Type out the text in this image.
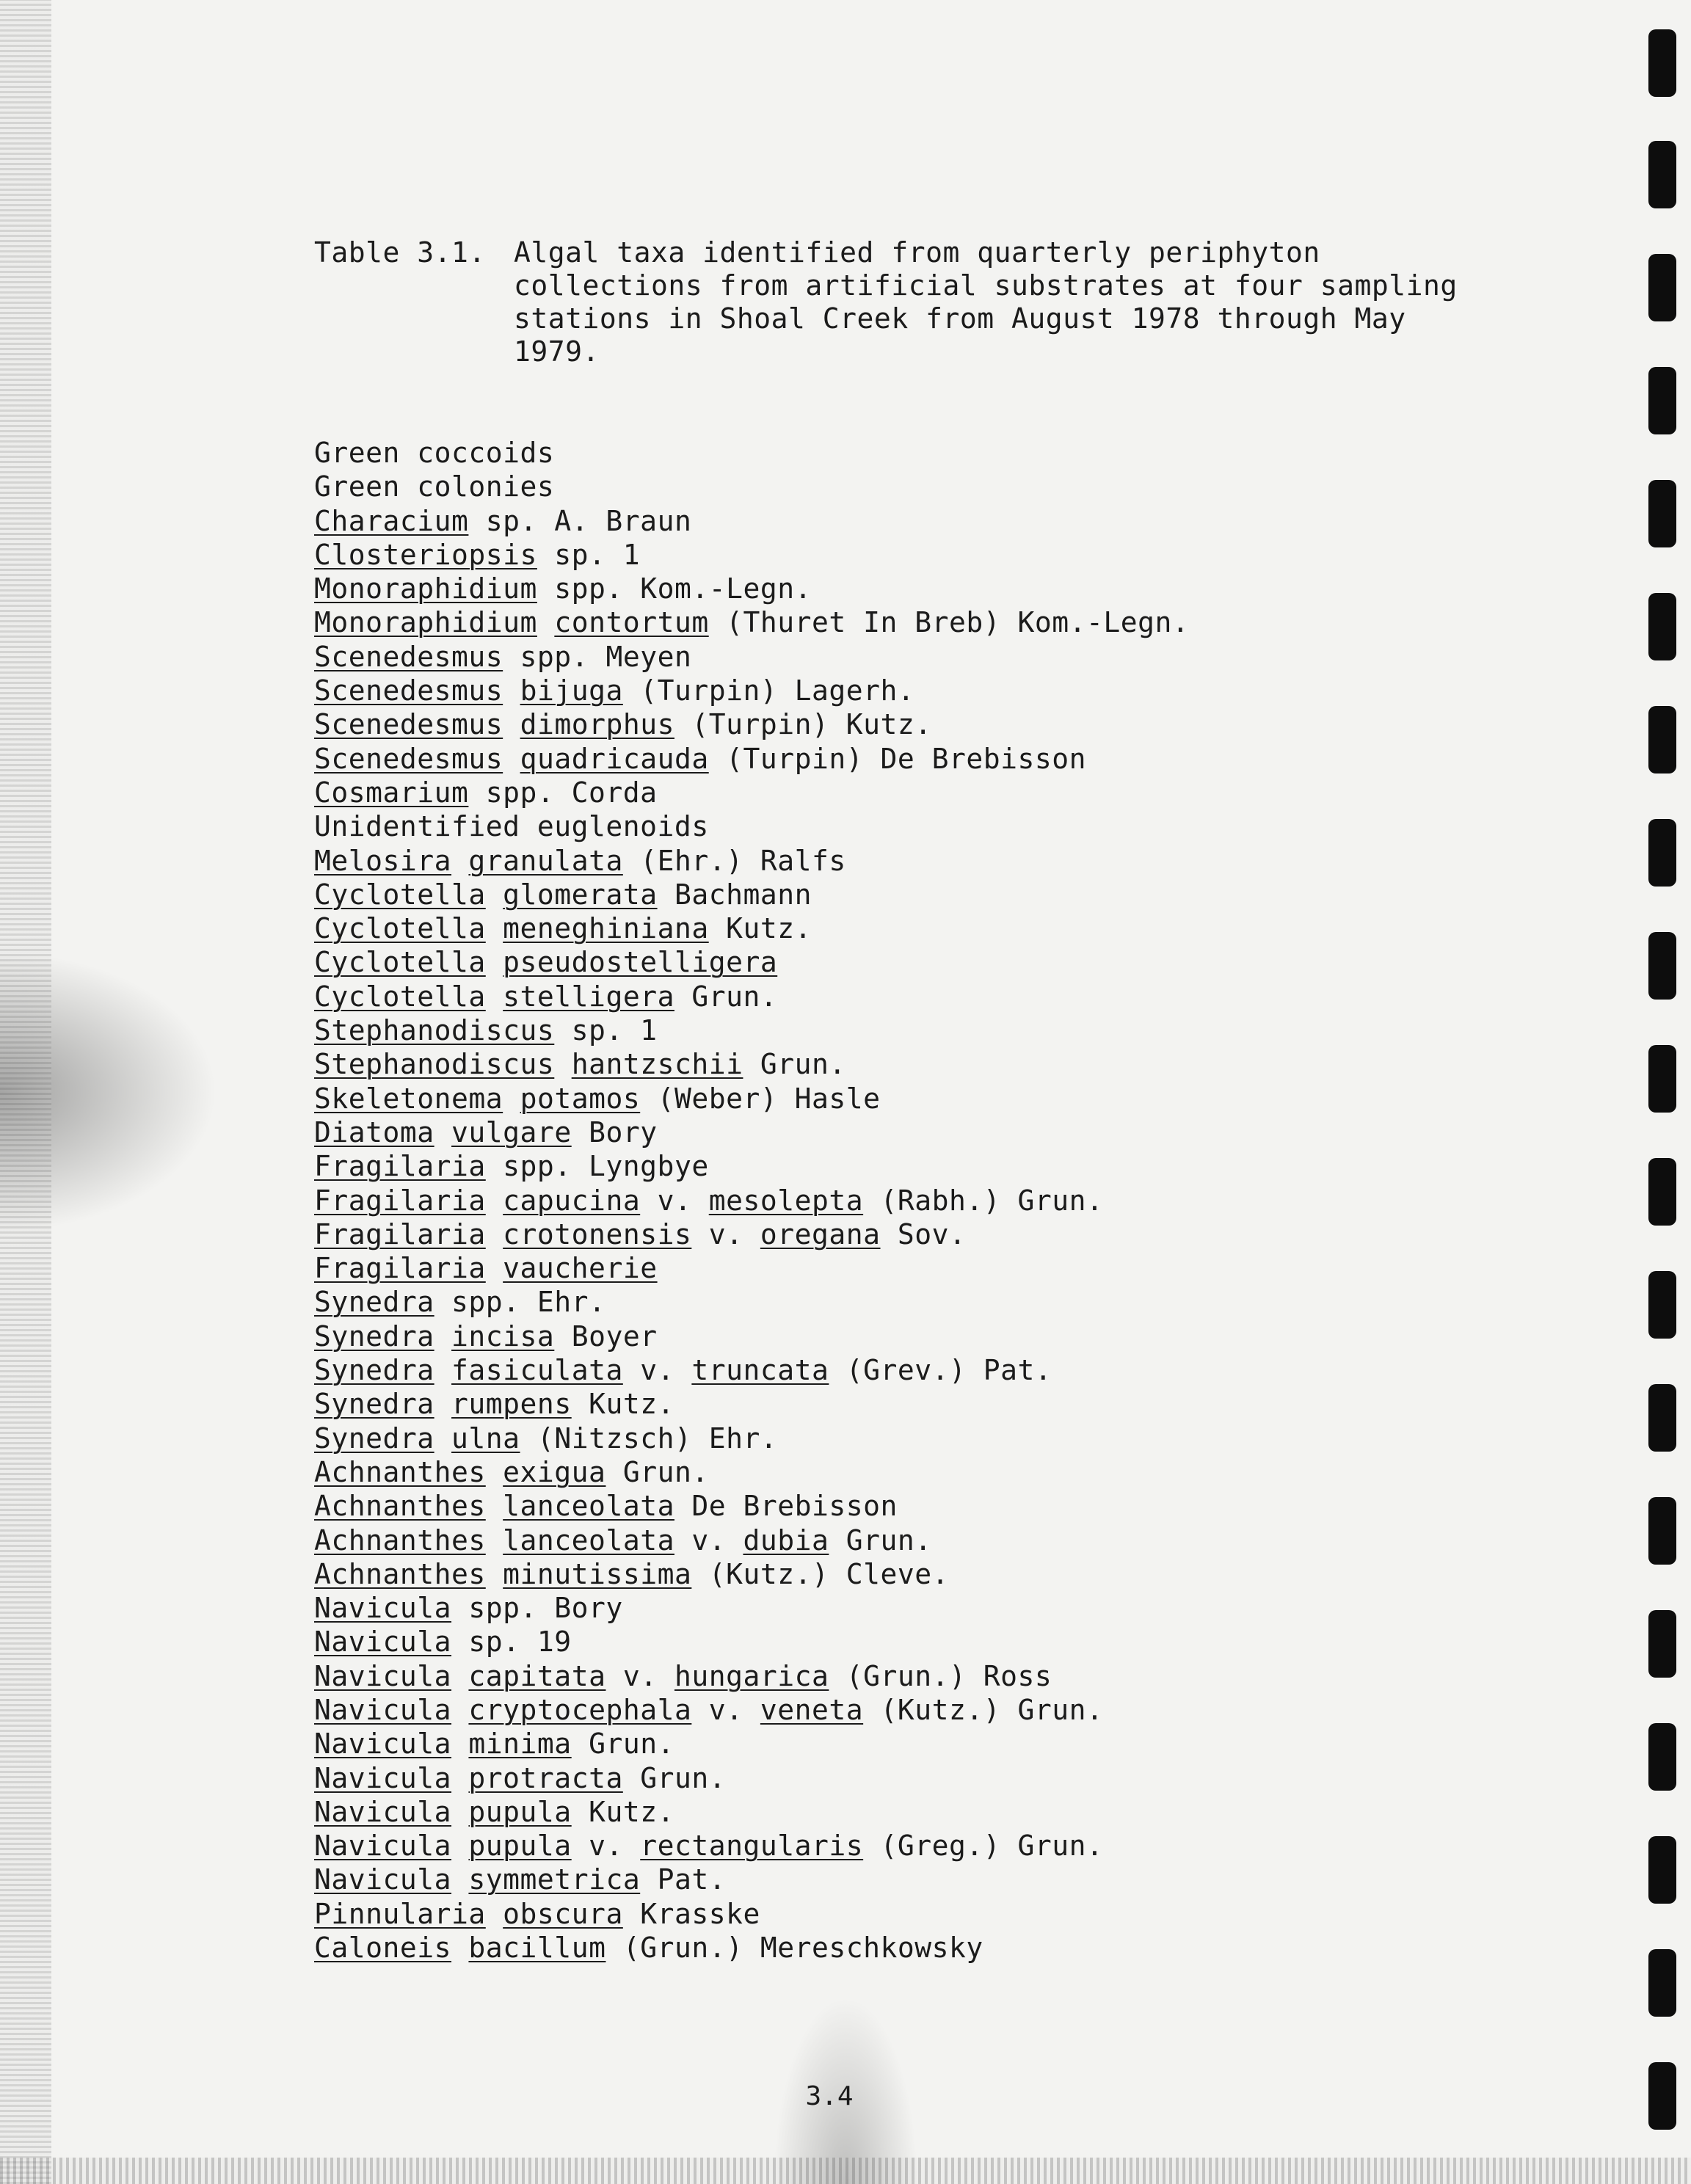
Table 3.1.	Algal taxa identified from quarterly periphyton collections from artificial substrates at four sampling stations in Shoal Creek from August 1978 through May 1979.
Green coccoids
Green colonies
Characium sp. A. Braun
Closteriopsis sp. 1
Monoraphidium spp. Kom.-Legn.
Monoraphidium contortum (Thuret In Breb) Kom.-Legn.
Scenedesmus spp. Meyen
Scenedesmus bijuga (Turpin) Lagerh.
Scenedesmus dimorphus (Turpin) Kutz.
Scenedesmus quadricauda (Turpin) De Brebisson
Cosmarium spp. Corda
Unidentified euglenoids
Melosira granulata (Ehr.) Ralfs
Cyclotella glomerata Bachmann
Cyclotella meneghiniana Kutz.
Cyclotella pseudostelligera
Cyclotella stelligera Grun.
Stephanodiscus sp. 1
Stephanodiscus hantzschii Grun.
Skeletonema potamos (Weber) Hasle
Diatoma vulgare Bory
Fragilaria spp. Lyngbye
Fragilaria capucina v. mesolepta (Rabh.) Grun.
Fragilaria crotonensis v. oregana Sov.
Fragilaria vaucherie
Synedra spp. Ehr.
Synedra incisa Boyer
Synedra fasiculata v. truncata (Grev.) Pat.
Synedra rumpens Kutz.
Synedra ulna (Nitzsch) Ehr.
Achnanthes exigua Grun.
Achnanthes lanceolata De Brebisson
Achnanthes lanceolata v. dubia Grun.
Achnanthes minutissima (Kutz.) Cleve.
Navicula spp. Bory
Navicula sp. 19
Navicula capitata v. hungarica (Grun.) Ross
Navicula cryptocephala v. veneta (Kutz.) Grun.
Navicula minima Grun.
Navicula protracta Grun.
Navicula pupula Kutz.
Navicula pupula v. rectangularis (Greg.) Grun.
Navicula symmetrica Pat.
Pinnularia obscura Krasske
Caloneis bacillum (Grun.) Mereschkowsky
3.4
